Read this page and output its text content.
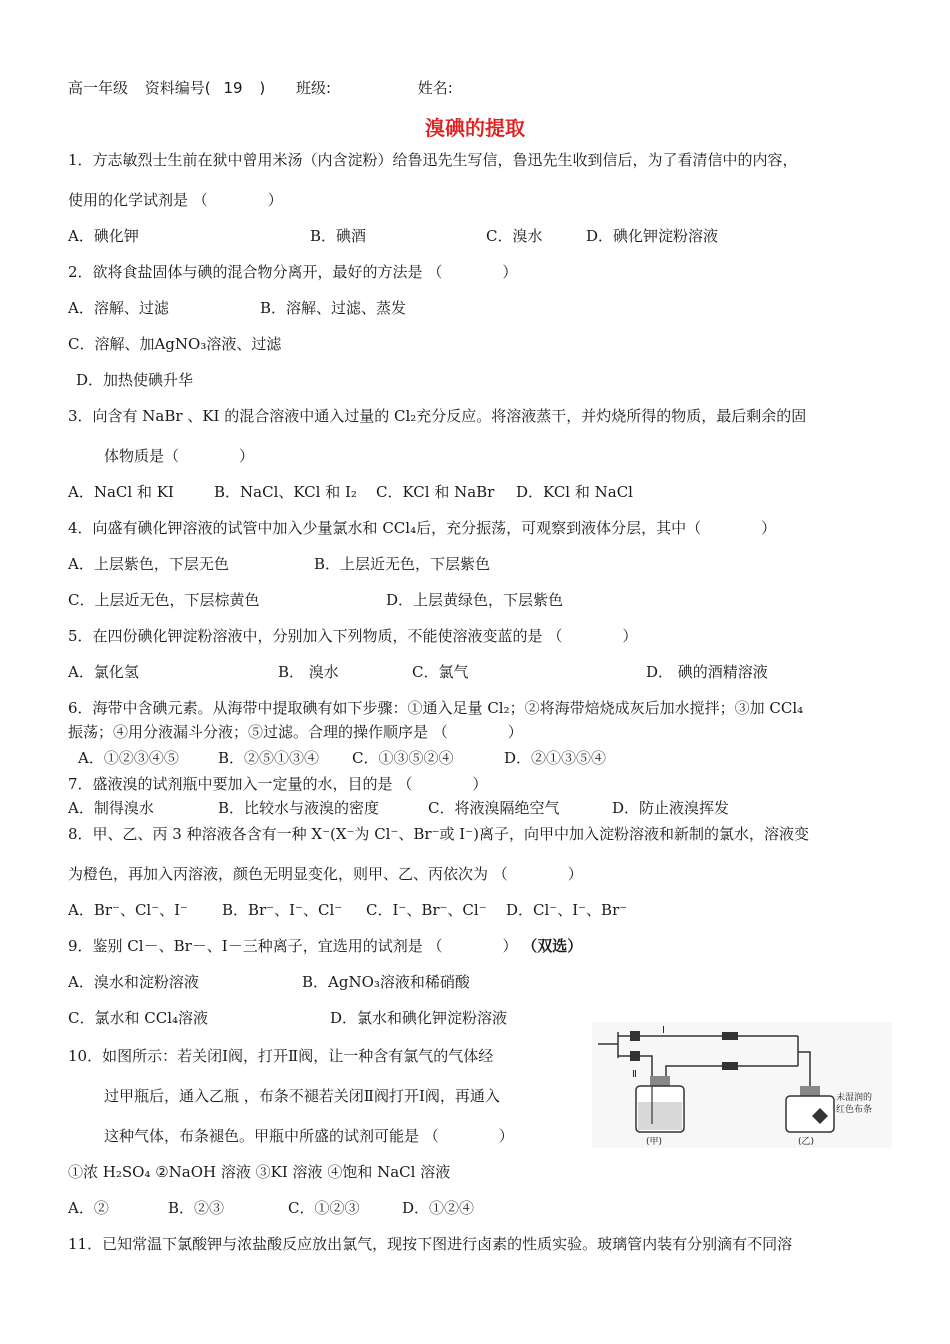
高一年级 资料编号( 19 ) 班级:	姓名:
溴碘的提取
1．方志敏烈士生前在狱中曾用米汤（内含淀粉）给鲁迅先生写信，鲁迅先生收到信后，为了看清信中的内容，
使用的化学试剂是 （　　　　）
A．碘化钾	B．碘酒	C．溴水	D．碘化钾淀粉溶液
2．欲将食盐固体与碘的混合物分离开，最好的方法是 （　　　　）
A．溶解、过滤	B．溶解、过滤、蒸发
C．溶解、加AgNO₃溶液、过滤
D．加热使碘升华
3．向含有 NaBr 、KI 的混合溶液中通入过量的 Cl₂充分反应。将溶液蒸干，并灼烧所得的物质，最后剩余的固
体物质是（　　　　）
A．NaCl 和 KI	B．NaCl、KCl 和 I₂ C．KCl 和 NaBr D．KCl 和 NaCl
4．向盛有碘化钾溶液的试管中加入少量氯水和 CCl₄后，充分振荡，可观察到液体分层，其中（　　　　）
A．上层紫色，下层无色	B．上层近无色，下层紫色
C．上层近无色，下层棕黄色	D．上层黄绿色，下层紫色
5．在四份碘化钾淀粉溶液中，分别加入下列物质，不能使溶液变蓝的是 （　　　　）
A．氯化氢	B． 溴水	C．氯气	D． 碘的酒精溶液
6．海带中含碘元素。从海带中提取碘有如下步骤：①通入足量 Cl₂；②将海带焙烧成灰后加水搅拌；③加 CCl₄
振荡；④用分液漏斗分液；⑤过滤。合理的操作顺序是 （　　　　）
A．①②③④⑤	B．②⑤①③④ C．①③⑤②④	D．②①③⑤④
7．盛液溴的试剂瓶中要加入一定量的水，目的是 （　　　　）
A．制得溴水	B．比较水与液溴的密度	C．将液溴隔绝空气	D．防止液溴挥发
8．甲、乙、丙 3 种溶液各含有一种 X⁻(X⁻为 Cl⁻、Br⁻或 I⁻)离子，向甲中加入淀粉溶液和新制的氯水，溶液变
为橙色，再加入丙溶液，颜色无明显变化，则甲、乙、丙依次为 （　　　　）
A．Br⁻、Cl⁻、I⁻ B．Br⁻、I⁻、Cl⁻ C．I⁻、Br⁻、Cl⁻ D．Cl⁻、I⁻、Br⁻
9．鉴别 Cl－、Br－、I－三种离子，宜选用的试剂是 （　　　　） （双选）
A．溴水和淀粉溶液	B．AgNO₃溶液和稀硝酸
C．氯水和 CCl₄溶液	D．氯水和碘化钾淀粉溶液
10．如图所示：若关闭Ⅰ阀，打开Ⅱ阀，让一种含有氯气的气体经
过甲瓶后，通入乙瓶 ，布条不褪若关闭Ⅱ阀打开Ⅰ阀，再通入
这种气体，布条褪色。甲瓶中所盛的试剂可能是 （　　　　）
①浓 H₂SO₄ ②NaOH 溶液 ③KI 溶液 ④饱和 NaCl 溶液
A．②	B．②③	C．①②③	D．①②④
Ⅰ
Ⅱ
(甲)	(乙)
未湿润的
红色布条
11．已知常温下氯酸钾与浓盐酸反应放出氯气，现按下图进行卤素的性质实验。玻璃管内装有分别滴有不同溶
